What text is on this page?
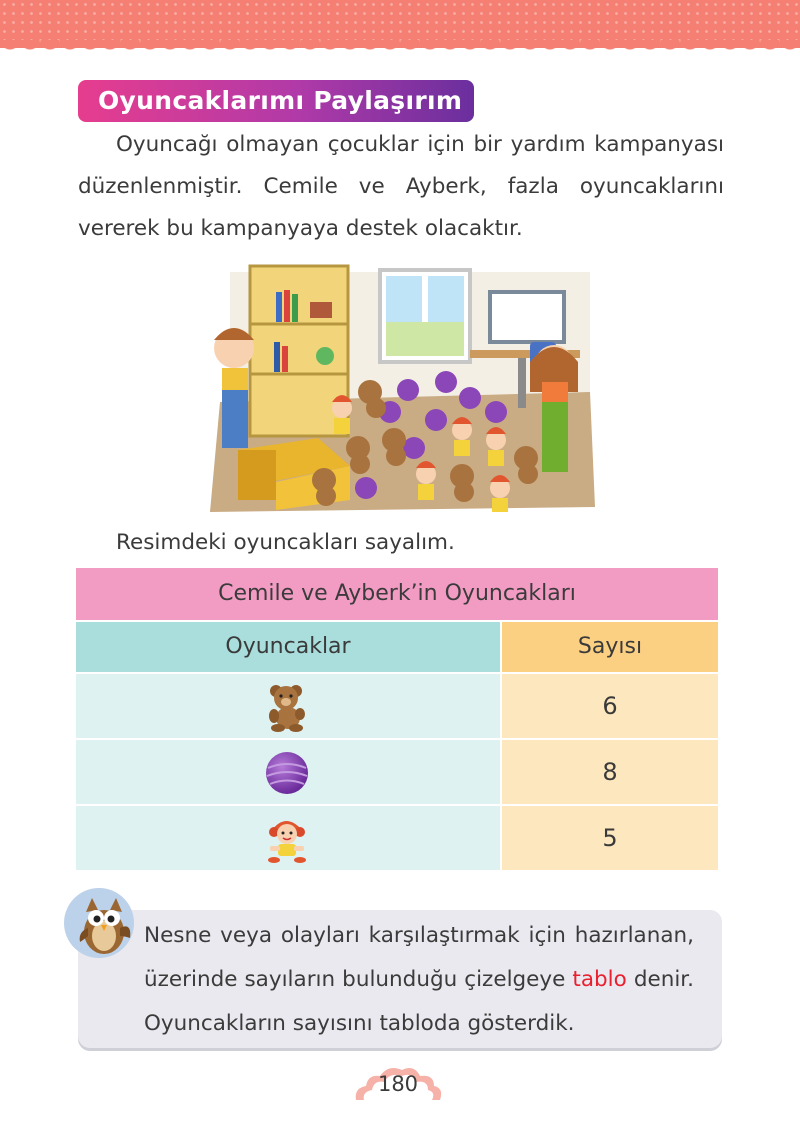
Oyuncaklarımı Paylaşırım
Oyuncağı olmayan çocuklar için bir yardım kampanyası düzenlenmiştir. Cemile ve Ayberk, fazla oyuncaklarını vererek bu kampanyaya destek olacaktır.
Resimdeki oyuncakları sayalım.
Cemile ve Ayberk’in Oyuncakları
Oyuncaklar	Sayısı
6
8
5
Nesne veya olayları karşılaştırmak için hazırlanan, üzerinde sayıların bulunduğu çizelgeye tablo denir. Oyuncakların sayısını tabloda gösterdik.
180
